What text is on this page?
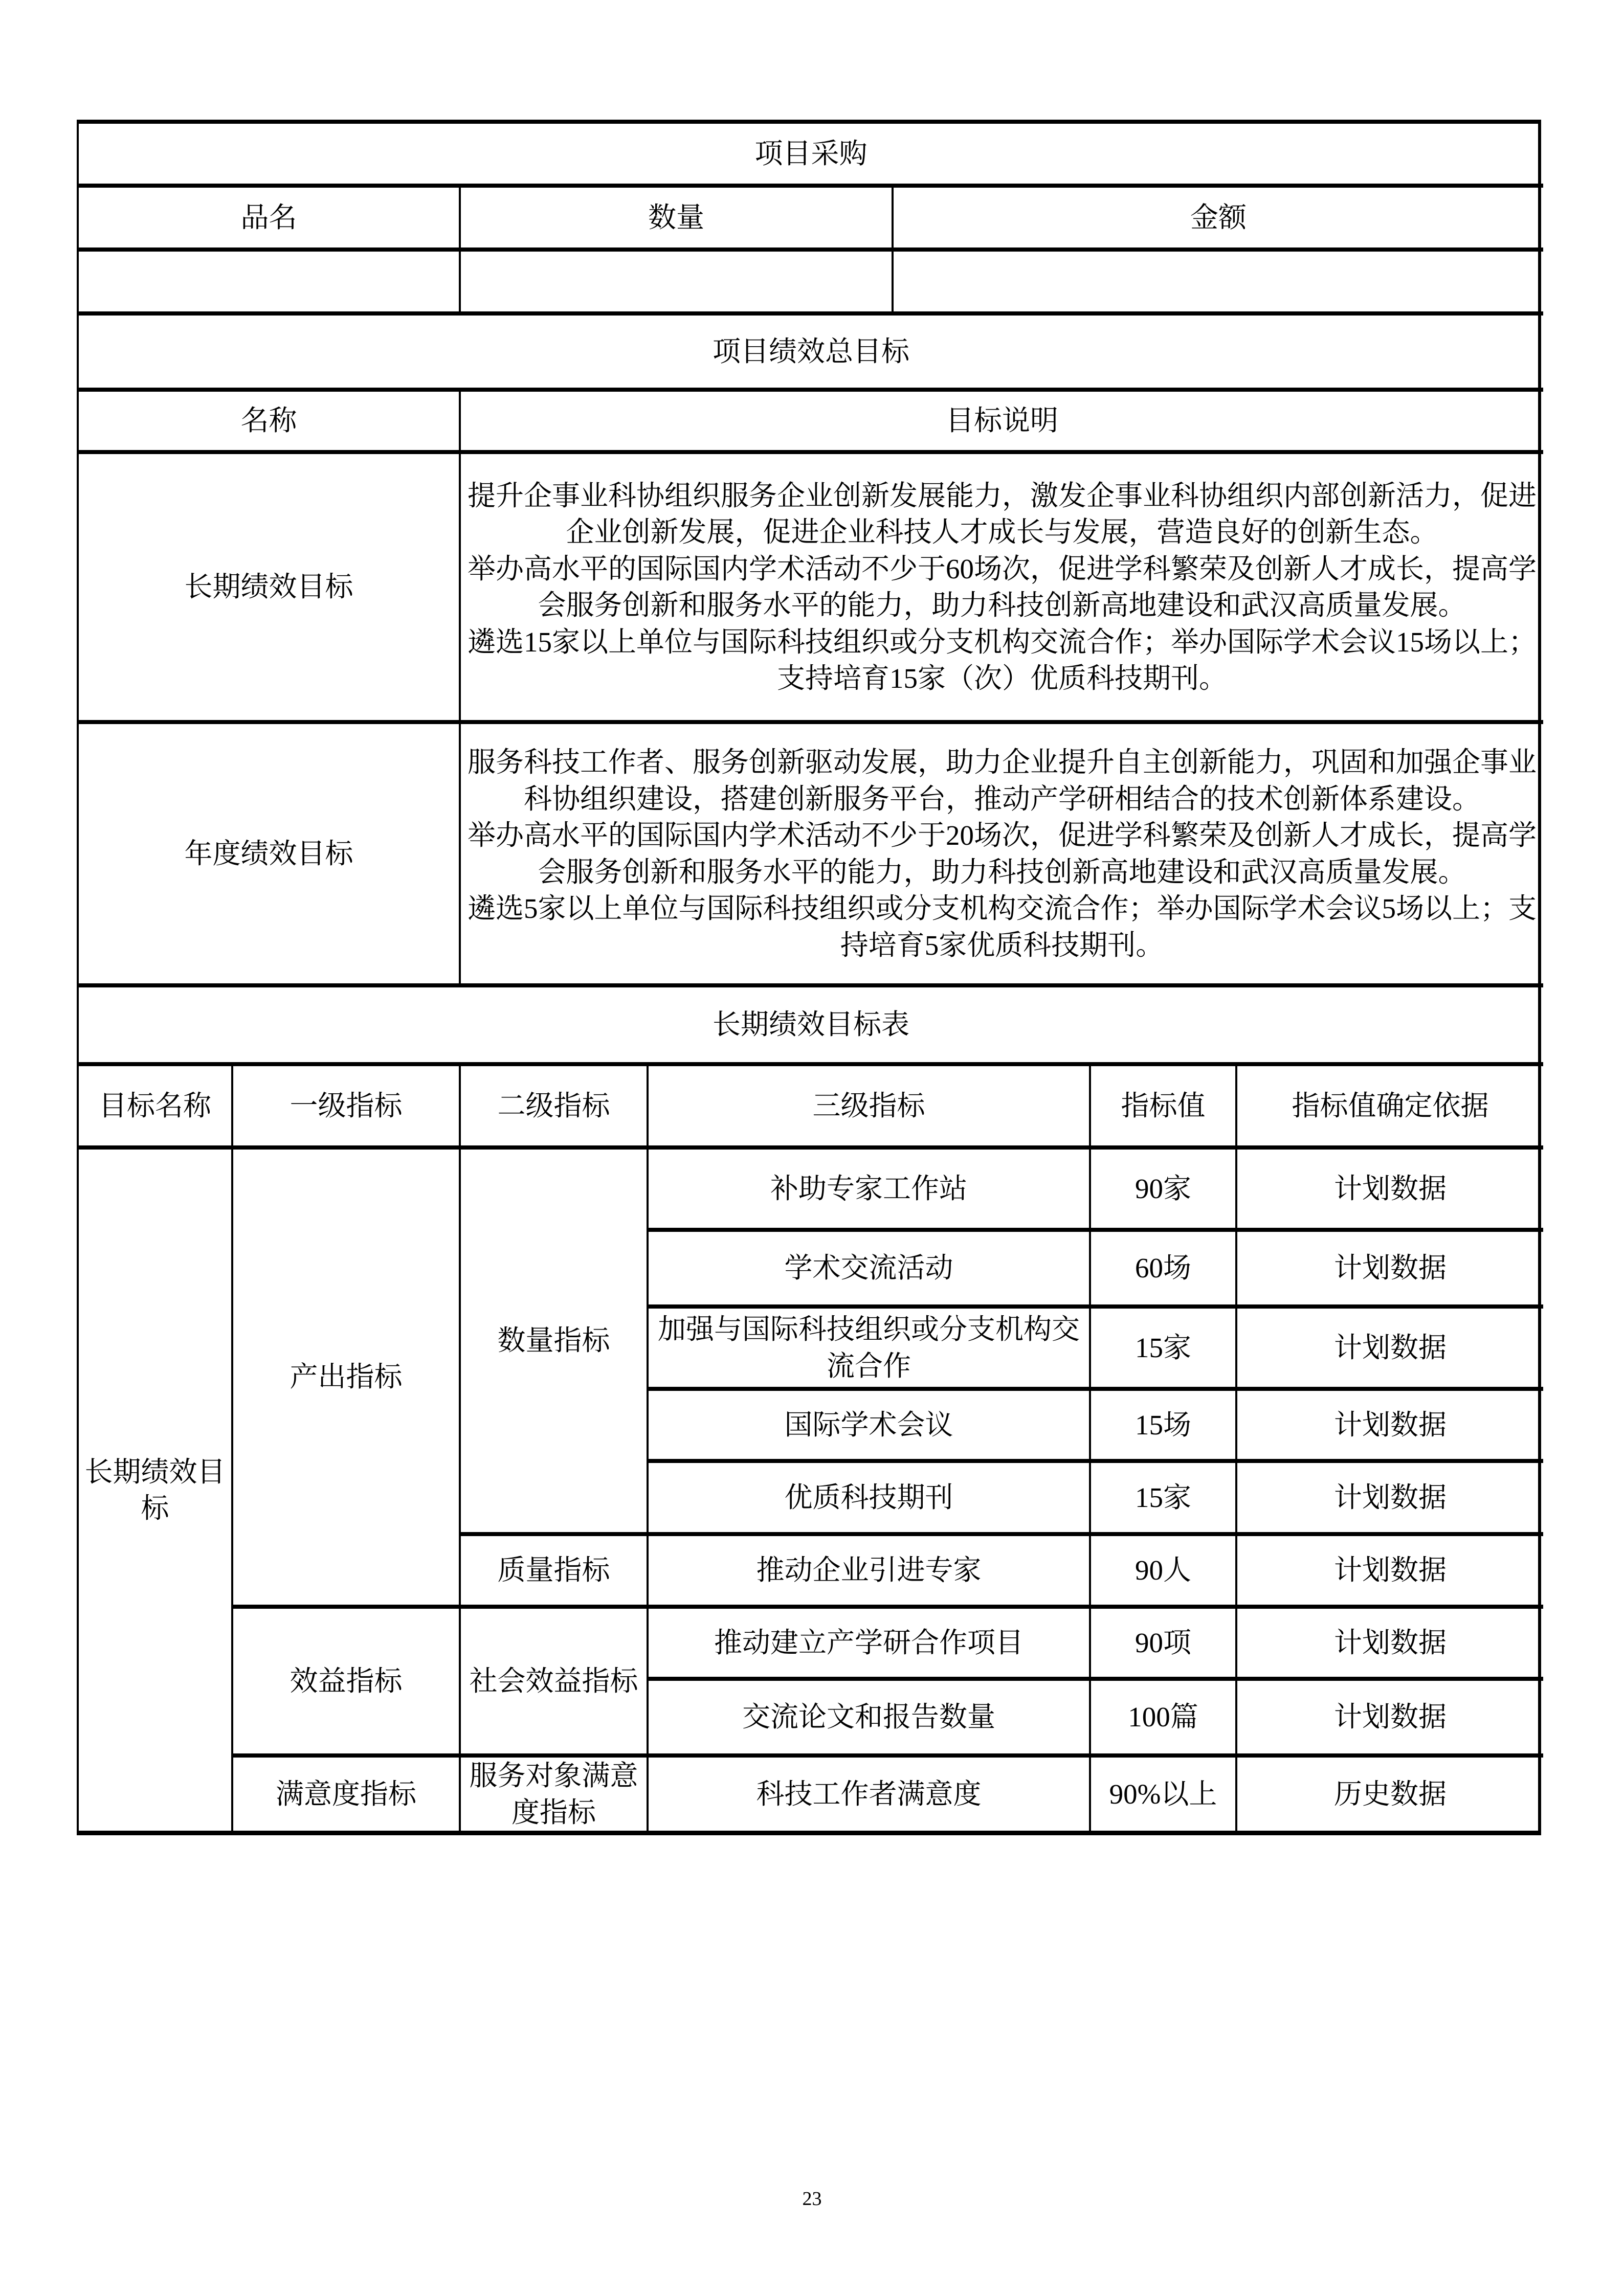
项目采购		
品名	数量	金额

项目绩效总目标	
名称	目标说明
长期绩效目标	提升企事业科协组织服务企业创新发展能力，激发企事业科协组织内部创新活力，促进企业创新发展，促进企业科技人才成长与发展，营造良好的创新生态。

举办高水平的国际国内学术活动不少于60场次，促进学科繁荣及创新人才成长，提高学会服务创新和服务水平的能力，助力科技创新高地建设和武汉高质量发展。

遴选15家以上单位与国际科技组织或分支机构交流合作；举办国际学术会议15场以上；支持培育15家（次）优质科技期刊。

年度绩效目标	服务科技工作者、服务创新驱动发展，助力企业提升自主创新能力，巩固和加强企事业科协组织建设，搭建创新服务平台，推动产学研相结合的技术创新体系建设。

举办高水平的国际国内学术活动不少于20场次，促进学科繁荣及创新人才成长，提高学会服务创新和服务水平的能力，助力科技创新高地建设和武汉高质量发展。

遴选5家以上单位与国际科技组织或分支机构交流合作；举办国际学术会议5场以上；支持培育5家优质科技期刊。

长期绩效目标表					
目标名称	一级指标	二级指标	三级指标	指标值	指标值确定依据
长期绩效目标	产出指标	数量指标	补助专家工作站	90家	计划数据
			学术交流活动	60场	计划数据
			加强与国际科技组织或分支机构交流合作	15家	计划数据
			国际学术会议	15场	计划数据
			优质科技期刊	15家	计划数据
		质量指标	推动企业引进专家	90人	计划数据
	效益指标	社会效益指标	推动建立产学研合作项目	90项	计划数据
			交流论文和报告数量	100篇	计划数据
	满意度指标	服务对象满意度指标	科技工作者满意度	90%以上	历史数据
23
